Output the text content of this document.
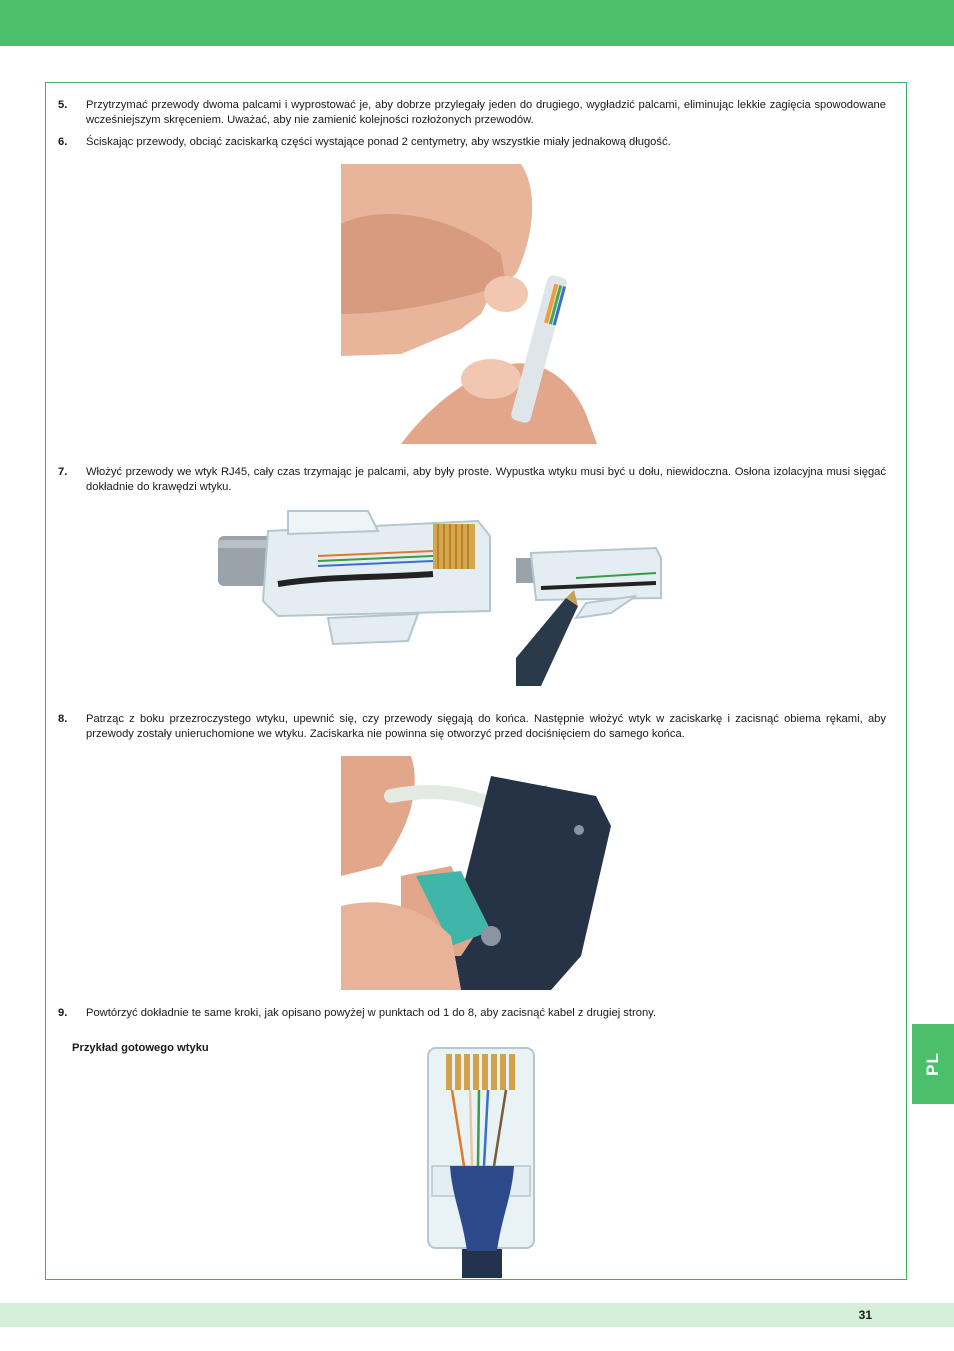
5. Przytrzymać przewody dwoma palcami i wyprostować je, aby dobrze przylegały jeden do drugiego, wygładzić palcami, eliminując lekkie zagięcia spowodowane wcześniejszym skręceniem. Uważać, aby nie zamienić kolejności rozłożonych przewodów.
6. Ściskając przewody, obciąć zaciskarką części wystające ponad 2 centymetry, aby wszystkie miały jednakową długość.
7. Włożyć przewody we wtyk RJ45, cały czas trzymając je palcami, aby były proste. Wypustka wtyku musi być u dołu, niewidoczna. Osłona izolacyjna musi sięgać dokładnie do krawędzi wtyku.
8. Patrząc z boku przezroczystego wtyku, upewnić się, czy przewody sięgają do końca. Następnie włożyć wtyk w zaciskarkę i zacisnąć obiema rękami, aby przewody zostały unieruchomione we wtyku. Zaciskarka nie powinna się otworzyć przed dociśnięciem do samego końca.
9. Powtórzyć dokładnie te same kroki, jak opisano powyżej w punktach od 1 do 8, aby zacisnąć kabel z drugiej strony.
Przykład gotowego wtyku
PL
31
